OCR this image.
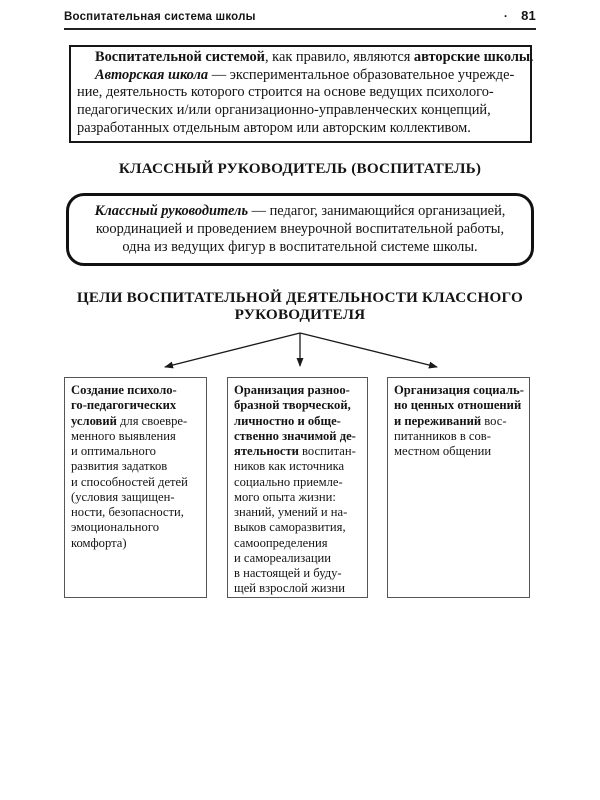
Воспитательная система школы	· 81
Воспитательной системой, как правило, являются авторские школы.
Авторская школа — экспериментальное образовательное учрежде-
ние, деятельность которого строится на основе ведущих психолого-
педагогических и/или организационно-управленческих концепций,
разработанных отдельным автором или авторским коллективом.
КЛАССНЫЙ РУКОВОДИТЕЛЬ (ВОСПИТАТЕЛЬ)
Классный руководитель — педагог, занимающийся организацией,
координацией и проведением внеурочной воспитательной работы,
одна из ведущих фигур в воспитательной системе школы.
ЦЕЛИ ВОСПИТАТЕЛЬНОЙ ДЕЯТЕЛЬНОСТИ КЛАССНОГО
РУКОВОДИТЕЛЯ
Создание психоло-
го-педагогических
условий для своевре-
менного выявления
и оптимального
развития задатков
и способностей детей
(условия защищен-
ности, безопасности,
эмоционального
комфорта)
Оранизация разноо-
бразной творческой,
личностно и обще-
ственно значимой де-
ятельности воспитан-
ников как источника
социально приемле-
мого опыта жизни:
знаний, умений и на-
выков саморазвития,
самоопределения
и самореализации
в настоящей и буду-
щей взрослой жизни
Организация социаль-
но ценных отношений
и переживаний вос-
питанников в сов-
местном общении
